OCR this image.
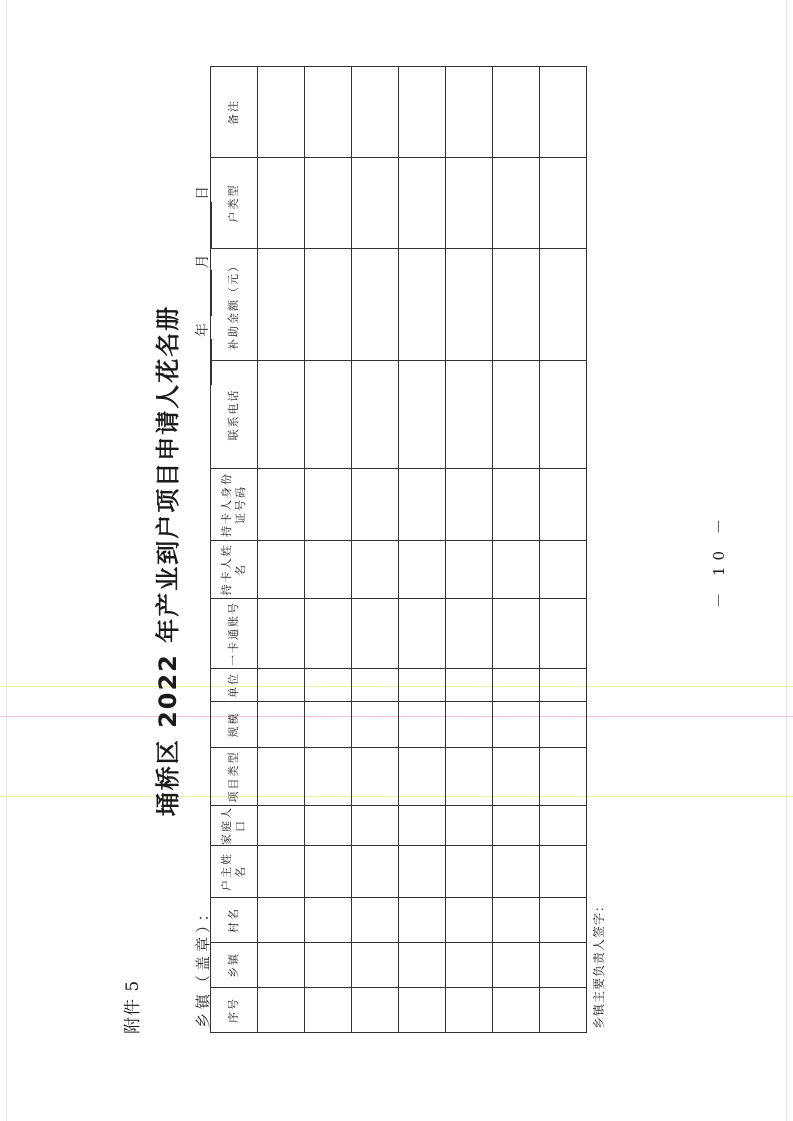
附件 5
埇桥区 2022 年产业到户项目申请人花名册
乡镇（盖章）：
年 月 日
序号	乡镇	村名	户主姓名	家庭人口	项目类型	规模	单位	一卡通账号	持卡人姓名	持卡人身份证号码	联系电话	补助金额（元）	户类型	备注

乡镇主要负责人签字：
－ 10 －
